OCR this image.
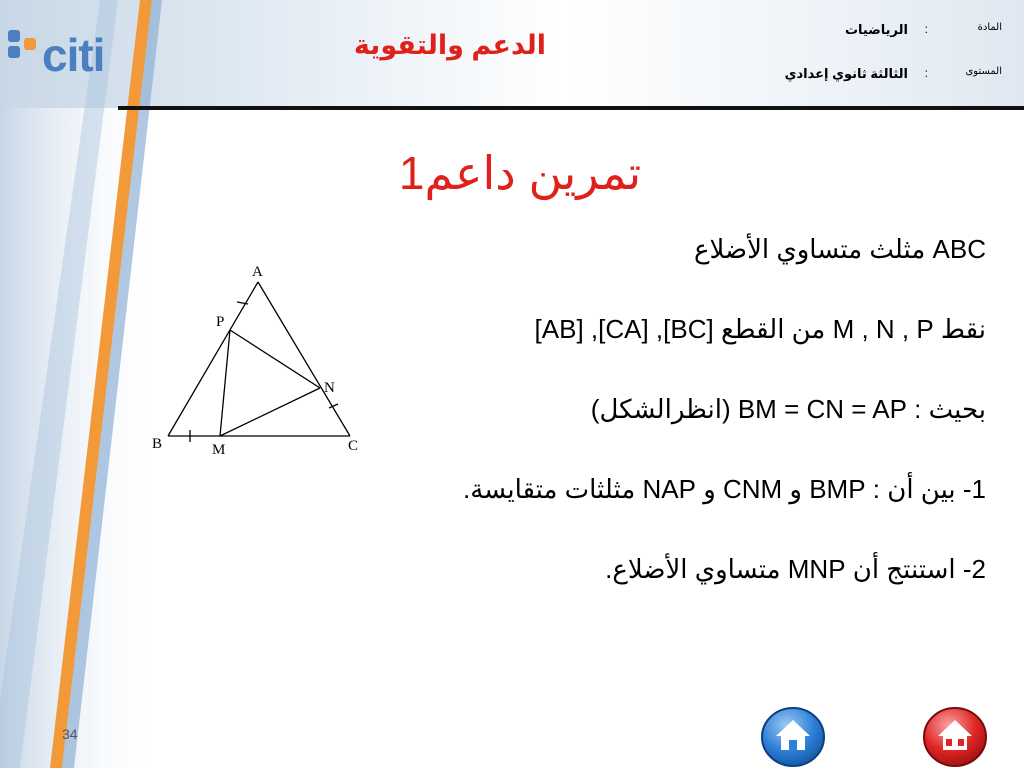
citi	الدعم والتقوية
المادة
:
الرياضيات
المستوى
:
الثالثة ثانوي إعدادي
تمرين داعم1
ABC مثلث متساوي الأضلاع
نقط M , N , P من القطع [BC], [CA], [AB]
بحيث : BM = CN = AP (انظرالشكل)
1- بين أن : BMP و CNM و NAP مثلثات متقايسة.
2- استنتج أن MNP متساوي الأضلاع.
A
B	C
M
N
P
34
